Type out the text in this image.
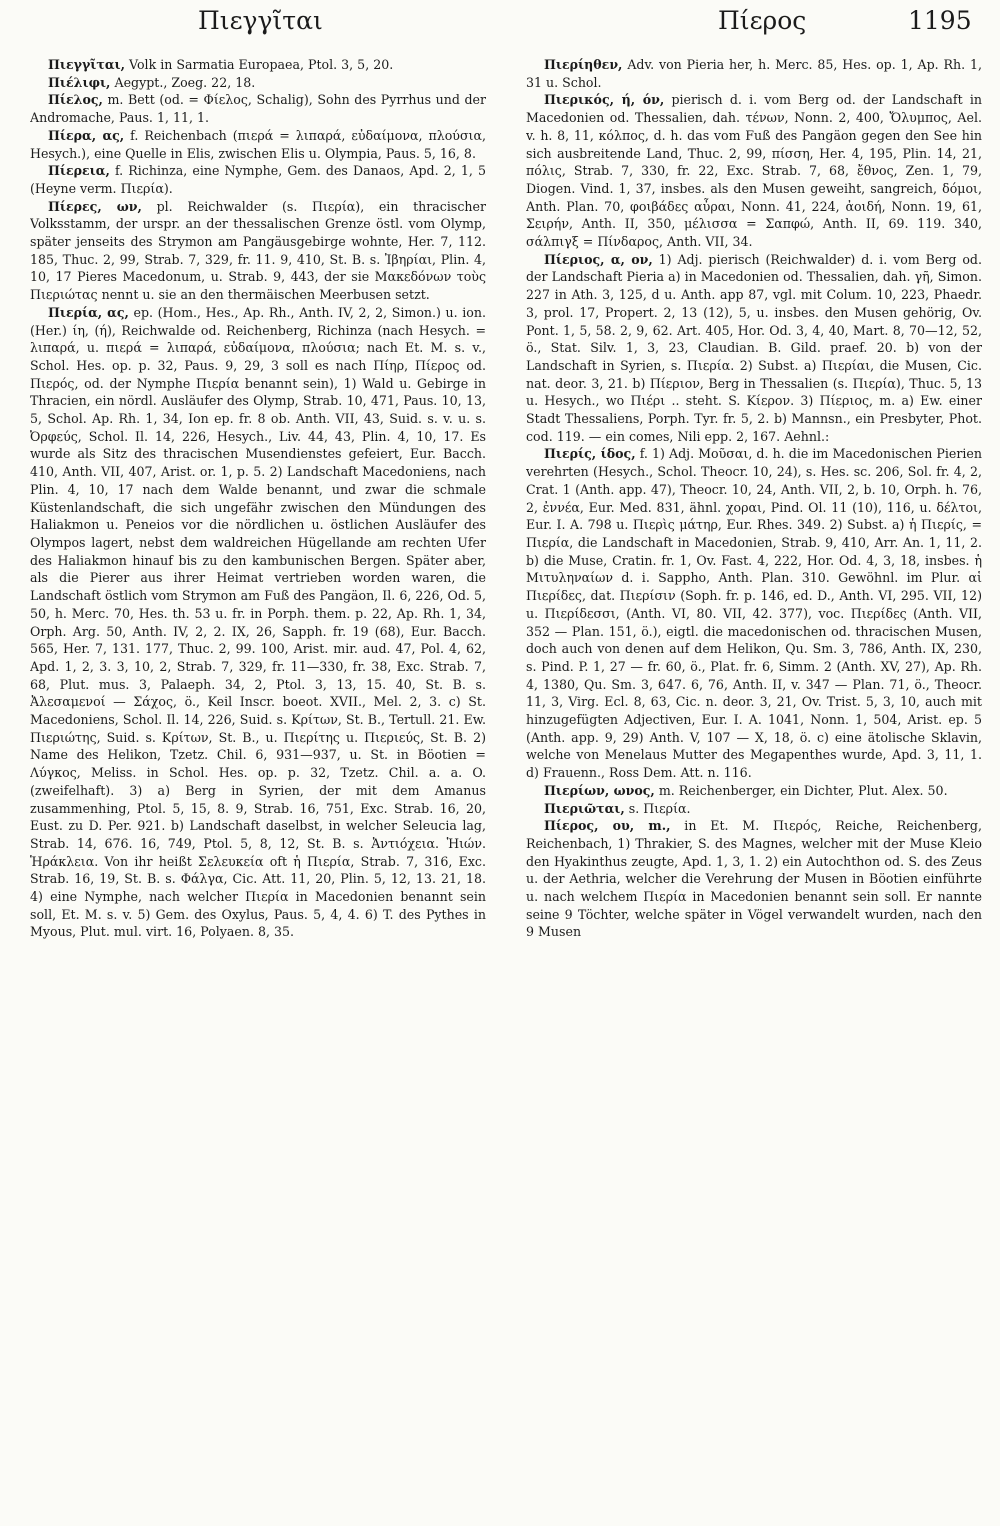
Πιεγγῖται	Πίερος	1195

Πιεγγῖται, Volk in Sarmatia Europaea, Ptol. 3, 5, 20.

Πιέλιφι, Aegypt., Zoeg. 22, 18.

Πίελος, m. Bett (od. = Φίελος, Schalig), Sohn des Pyrrhus und der Andromache, Paus. 1, 11, 1.

Πίερα, ας, f. Reichenbach (πιερά = λιπαρά, εὐδαίμονα, πλούσια, Hesych.), eine Quelle in Elis, zwischen Elis u. Olympia, Paus. 5, 16, 8.

Πίερεια, f. Richinza, eine Nymphe, Gem. des Danaos, Apd. 2, 1, 5 (Heyne verm. Πιερία).

Πίερες, ων, pl. Reichwalder (s. Πιερία), ein thracischer Volksstamm, der urspr. an der thessalischen Grenze östl. vom Olymp, später jenseits des Strymon am Pangäusgebirge wohnte, Her. 7, 112. 185, Thuc. 2, 99, Strab. 7, 329, fr. 11. 9, 410, St. B. s. Ἰβηρίαι, Plin. 4, 10, 17 Pieres Macedonum, u. Strab. 9, 443, der sie Μακεδόνων τοὺς Πιεριώτας nennt u. sie an den thermäischen Meerbusen setzt.

Πιερία, ας, ep. (Hom., Hes., Ap. Rh., Anth. IV, 2, 2, Simon.) u. ion. (Her.) ίη, (ή), Reichwalde od. Reichenberg, Richinza (nach Hesych. = λιπαρά, u. πιερά = λιπαρά, εὐδαίμονα, πλούσια; nach Et. M. s. v., Schol. Hes. op. p. 32, Paus. 9, 29, 3 soll es nach Πίηρ, Πίερος od. Πιερός, od. der Nymphe Πιερία benannt sein), 1) Wald u. Gebirge in Thracien, ein nördl. Ausläufer des Olymp, Strab. 10, 471, Paus. 10, 13, 5, Schol. Ap. Rh. 1, 34, Ion ep. fr. 8 ob. Anth. VII, 43, Suid. s. v. u. s. Ὀρφεύς, Schol. Il. 14, 226, Hesych., Liv. 44, 43, Plin. 4, 10, 17. Es wurde als Sitz des thracischen Musendienstes gefeiert, Eur. Bacch. 410, Anth. VII, 407, Arist. or. 1, p. 5. 2) Landschaft Macedoniens, nach Plin. 4, 10, 17 nach dem Walde benannt, und zwar die schmale Küstenlandschaft, die sich ungefähr zwischen den Mündungen des Haliakmon u. Peneios vor die nördlichen u. östlichen Ausläufer des Olympos lagert, nebst dem waldreichen Hügellande am rechten Ufer des Haliakmon hinauf bis zu den kambunischen Bergen. Später aber, als die Pierer aus ihrer Heimat vertrieben worden waren, die Landschaft östlich vom Strymon am Fuß des Pangäon, Il. 6, 226, Od. 5, 50, h. Merc. 70, Hes. th. 53 u. fr. in Porph. them. p. 22, Ap. Rh. 1, 34, Orph. Arg. 50, Anth. IV, 2, 2. IX, 26, Sapph. fr. 19 (68), Eur. Bacch. 565, Her. 7, 131. 177, Thuc. 2, 99. 100, Arist. mir. aud. 47, Pol. 4, 62, Apd. 1, 2, 3. 3, 10, 2, Strab. 7, 329, fr. 11—330, fr. 38, Exc. Strab. 7, 68, Plut. mus. 3, Palaeph. 34, 2, Ptol. 3, 13, 15. 40, St. B. s. Ἀλεσαμενοί — Σάχος, ö., Keil Inscr. boeot. XVII., Mel. 2, 3. c) St. Macedoniens, Schol. Il. 14, 226, Suid. s. Κρίτων, St. B., Tertull. 21. Ew. Πιεριώτης, Suid. s. Κρίτων, St. B., u. Πιερίτης u. Πιεριεύς, St. B. 2) Name des Helikon, Tzetz. Chil. 6, 931—937, u. St. in Böotien = Λύγκος, Meliss. in Schol. Hes. op. p. 32, Tzetz. Chil. a. a. O. (zweifelhaft). 3) a) Berg in Syrien, der mit dem Amanus zusammenhing, Ptol. 5, 15, 8. 9, Strab. 16, 751, Exc. Strab. 16, 20, Eust. zu D. Per. 921. b) Landschaft daselbst, in welcher Seleucia lag, Strab. 14, 676. 16, 749, Ptol. 5, 8, 12, St. B. s. Ἀντιόχεια. Ἡιών. Ἡράκλεια. Von ihr heißt Σελευκεία oft ἡ Πιερία, Strab. 7, 316, Exc. Strab. 16, 19, St. B. s. Φάλγα, Cic. Att. 11, 20, Plin. 5, 12, 13. 21, 18. 4) eine Nymphe, nach welcher Πιερία in Macedonien benannt sein soll, Et. M. s. v. 5) Gem. des Oxylus, Paus. 5, 4, 4. 6) T. des Pythes in Myous, Plut. mul. virt. 16, Polyaen. 8, 35.

Πιερίηθεν, Adv. von Pieria her, h. Merc. 85, Hes. op. 1, Ap. Rh. 1, 31 u. Schol.

Πιερικός, ή, όν, pierisch d. i. vom Berg od. der Landschaft in Macedonien od. Thessalien, dah. τένων, Nonn. 2, 400, Ὄλυμπος, Ael. v. h. 8, 11, κόλπος, d. h. das vom Fuß des Pangäon gegen den See hin sich ausbreitende Land, Thuc. 2, 99, πίσση, Her. 4, 195, Plin. 14, 21, πόλις, Strab. 7, 330, fr. 22, Exc. Strab. 7, 68, ἔθνος, Zen. 1, 79, Diogen. Vind. 1, 37, insbes. als den Musen geweiht, sangreich, δόμοι, Anth. Plan. 70, φοιβάδες αὖραι, Nonn. 41, 224, ἀοιδή, Nonn. 19, 61, Σειρήν, Anth. II, 350, μέλισσα = Σαπφώ, Anth. II, 69. 119. 340, σάλπιγξ = Πίνδαρος, Anth. VII, 34.

Πίεριος, α, ον, 1) Adj. pierisch (Reichwalder) d. i. vom Berg od. der Landschaft Pieria a) in Macedonien od. Thessalien, dah. γῆ, Simon. 227 in Ath. 3, 125, d u. Anth. app 87, vgl. mit Colum. 10, 223, Phaedr. 3, prol. 17, Propert. 2, 13 (12), 5, u. insbes. den Musen gehörig, Ov. Pont. 1, 5, 58. 2, 9, 62. Art. 405, Hor. Od. 3, 4, 40, Mart. 8, 70—12, 52, ö., Stat. Silv. 1, 3, 23, Claudian. B. Gild. praef. 20. b) von der Landschaft in Syrien, s. Πιερία. 2) Subst. a) Πιερίαι, die Musen, Cic. nat. deor. 3, 21. b) Πίεριον, Berg in Thessalien (s. Πιερία), Thuc. 5, 13 u. Hesych., wo Πιέρι .. steht. S. Κίερον. 3) Πίεριος, m. a) Ew. einer Stadt Thessaliens, Porph. Tyr. fr. 5, 2. b) Mannsn., ein Presbyter, Phot. cod. 119. — ein comes, Nili epp. 2, 167. Aehnl.:

Πιερίς, ίδος, f. 1) Adj. Μοῦσαι, d. h. die im Macedonischen Pierien verehrten (Hesych., Schol. Theocr. 10, 24), s. Hes. sc. 206, Sol. fr. 4, 2, Crat. 1 (Anth. app. 47), Theocr. 10, 24, Anth. VII, 2, b. 10, Orph. h. 76, 2, ἐννέα, Eur. Med. 831, ähnl. χοραι, Pind. Ol. 11 (10), 116, u. δέλτοι, Eur. I. A. 798 u. Πιερὶς μάτηρ, Eur. Rhes. 349. 2) Subst. a) ἡ Πιερίς, = Πιερία, die Landschaft in Macedonien, Strab. 9, 410, Arr. An. 1, 11, 2. b) die Muse, Cratin. fr. 1, Ov. Fast. 4, 222, Hor. Od. 4, 3, 18, insbes. ἡ Μιτυληναίων d. i. Sappho, Anth. Plan. 310. Gewöhnl. im Plur. αἱ Πιερίδες, dat. Πιερίσιν (Soph. fr. p. 146, ed. D., Anth. VI, 295. VII, 12) u. Πιερίδεσσι, (Anth. VI, 80. VII, 42. 377), voc. Πιερίδες (Anth. VII, 352 — Plan. 151, ö.), eigtl. die macedonischen od. thracischen Musen, doch auch von denen auf dem Helikon, Qu. Sm. 3, 786, Anth. IX, 230, s. Pind. P. 1, 27 — fr. 60, ö., Plat. fr. 6, Simm. 2 (Anth. XV, 27), Ap. Rh. 4, 1380, Qu. Sm. 3, 647. 6, 76, Anth. II, v. 347 — Plan. 71, ö., Theocr. 11, 3, Virg. Ecl. 8, 63, Cic. n. deor. 3, 21, Ov. Trist. 5, 3, 10, auch mit hinzugefügten Adjectiven, Eur. I. A. 1041, Nonn. 1, 504, Arist. ep. 5 (Anth. app. 9, 29) Anth. V, 107 — X, 18, ö. c) eine ätolische Sklavin, welche von Menelaus Mutter des Megapenthes wurde, Apd. 3, 11, 1. d) Frauenn., Ross Dem. Att. n. 116.

Πιερίων, ωνος, m. Reichenberger, ein Dichter, Plut. Alex. 50.

Πιεριῶται, s. Πιερία.

Πίερος, ου, m., in Et. M. Πιερός, Reiche, Reichenberg, Reichenbach, 1) Thrakier, S. des Magnes, welcher mit der Muse Kleio den Hyakinthus zeugte, Apd. 1, 3, 1. 2) ein Autochthon od. S. des Zeus u. der Aethria, welcher die Verehrung der Musen in Böotien einführte u. nach welchem Πιερία in Macedonien benannt sein soll. Er nannte seine 9 Töchter, welche später in Vögel verwandelt wurden, nach den 9 Musen
